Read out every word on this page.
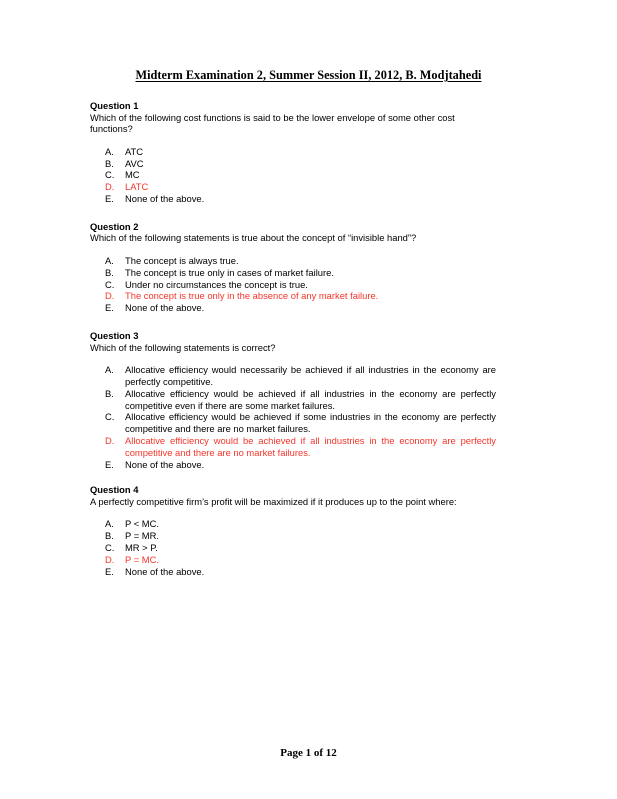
Midterm Examination 2, Summer Session II, 2012, B. Modjtahedi
Question 1
Which of the following cost functions is said to be the lower envelope of some other cost functions?
A. ATC
B. AVC
C. MC
D. LATC
E. None of the above.
Question 2
Which of the following statements is true about the concept of “invisible hand”?
A. The concept is always true.
B. The concept is true only in cases of market failure.
C. Under no circumstances the concept is true.
D. The concept is true only in the absence of any market failure.
E. None of the above.
Question 3
Which of the following statements is correct?
A. Allocative efficiency would necessarily be achieved if all industries in the economy are perfectly competitive.
B. Allocative efficiency would be achieved if all industries in the economy are perfectly competitive even if there are some market failures.
C. Allocative efficiency would be achieved if some industries in the economy are perfectly competitive and there are no market failures.
D. Allocative efficiency would be achieved if all industries in the economy are perfectly competitive and there are no market failures.
E. None of the above.
Question 4
A perfectly competitive firm’s profit will be maximized if it produces up to the point where:
A. P < MC.
B. P = MR.
C. MR > P.
D. P = MC.
E. None of the above.
Page 1 of 12
